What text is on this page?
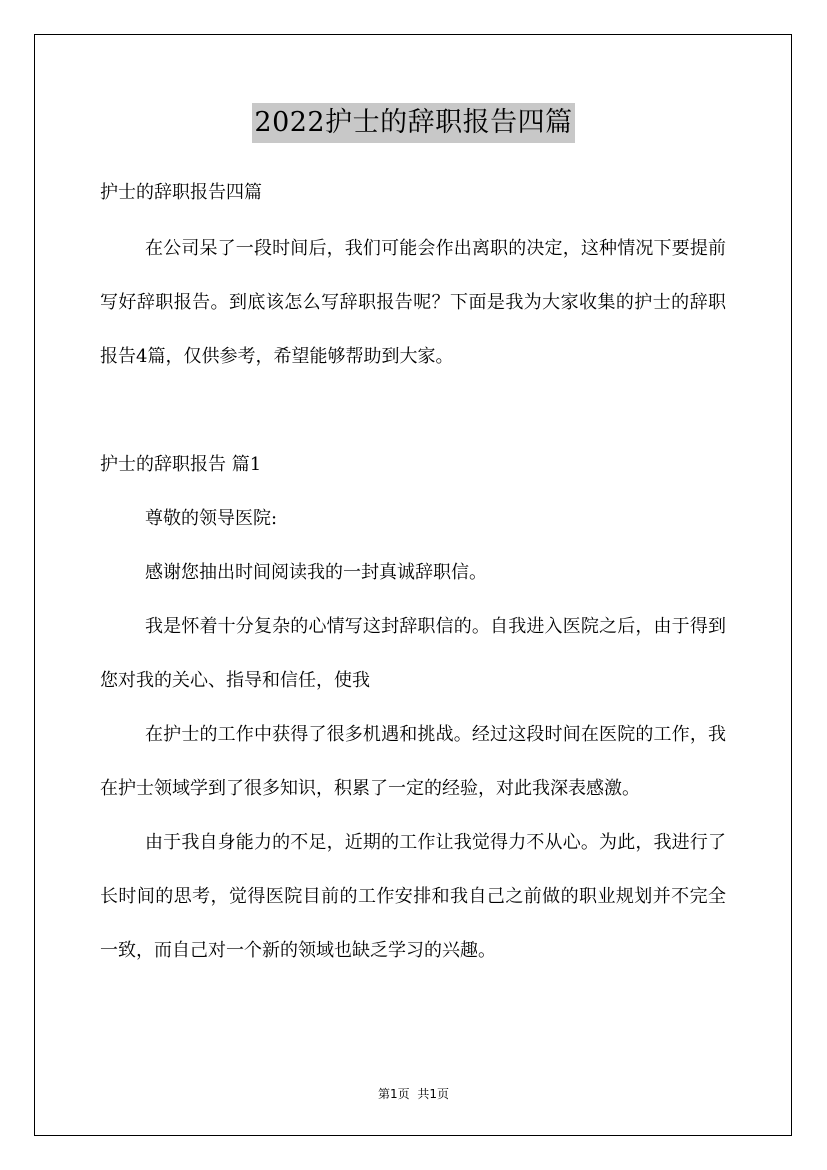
2022护士的辞职报告四篇
护士的辞职报告四篇

在公司呆了一段时间后，我们可能会作出离职的决定，这种情况下要提前写好辞职报告。到底该怎么写辞职报告呢？下面是我为大家收集的护士的辞职报告4篇，仅供参考，希望能够帮助到大家。

护士的辞职报告 篇1

尊敬的领导医院:

感谢您抽出时间阅读我的一封真诚辞职信。

我是怀着十分复杂的心情写这封辞职信的。自我进入医院之后，由于得到您对我的关心、指导和信任，使我

在护士的工作中获得了很多机遇和挑战。经过这段时间在医院的工作，我在护士领域学到了很多知识，积累了一定的经验，对此我深表感激。

由于我自身能力的不足，近期的工作让我觉得力不从心。为此，我进行了长时间的思考，觉得医院目前的工作安排和我自己之前做的职业规划并不完全一致，而自己对一个新的领域也缺乏学习的兴趣。

第1页 共1页
